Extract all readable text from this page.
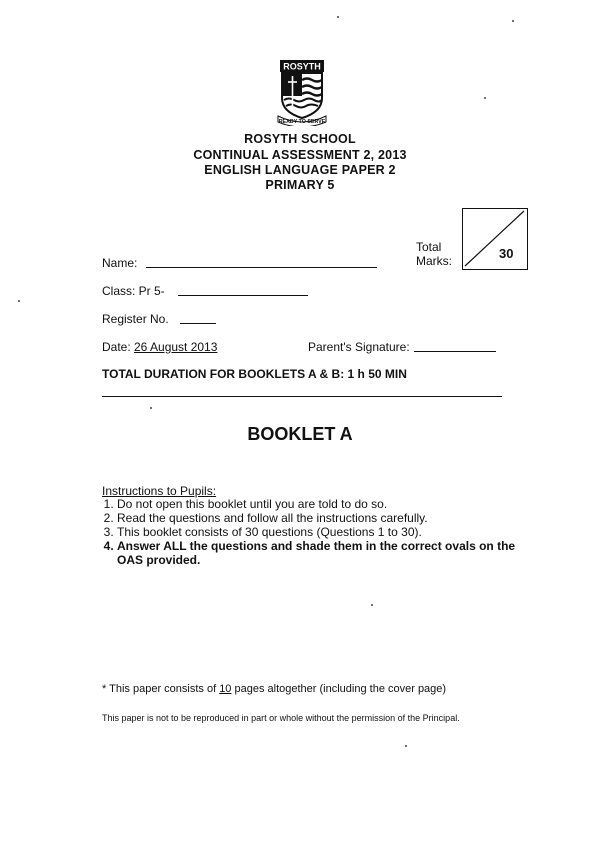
ROSYTH
READY TO SERVE
ROSYTH SCHOOL
CONTINUAL ASSESSMENT 2, 2013
ENGLISH LANGUAGE PAPER 2
PRIMARY 5
Total
Marks:	30
Name:
Class: Pr 5-
Register No.
Date: 26 August 2013	Parent's Signature:
TOTAL DURATION FOR BOOKLETS A & B: 1 h 50 MIN
BOOKLET A
Instructions to Pupils:
1. Do not open this booklet until you are told to do so.
2. Read the questions and follow all the instructions carefully.
3. This booklet consists of 30 questions (Questions 1 to 30).
4. Answer ALL the questions and shade them in the correct ovals on the OAS provided.
* This paper consists of 10 pages altogether (including the cover page)
This paper is not to be reproduced in part or whole without the permission of the Principal.
